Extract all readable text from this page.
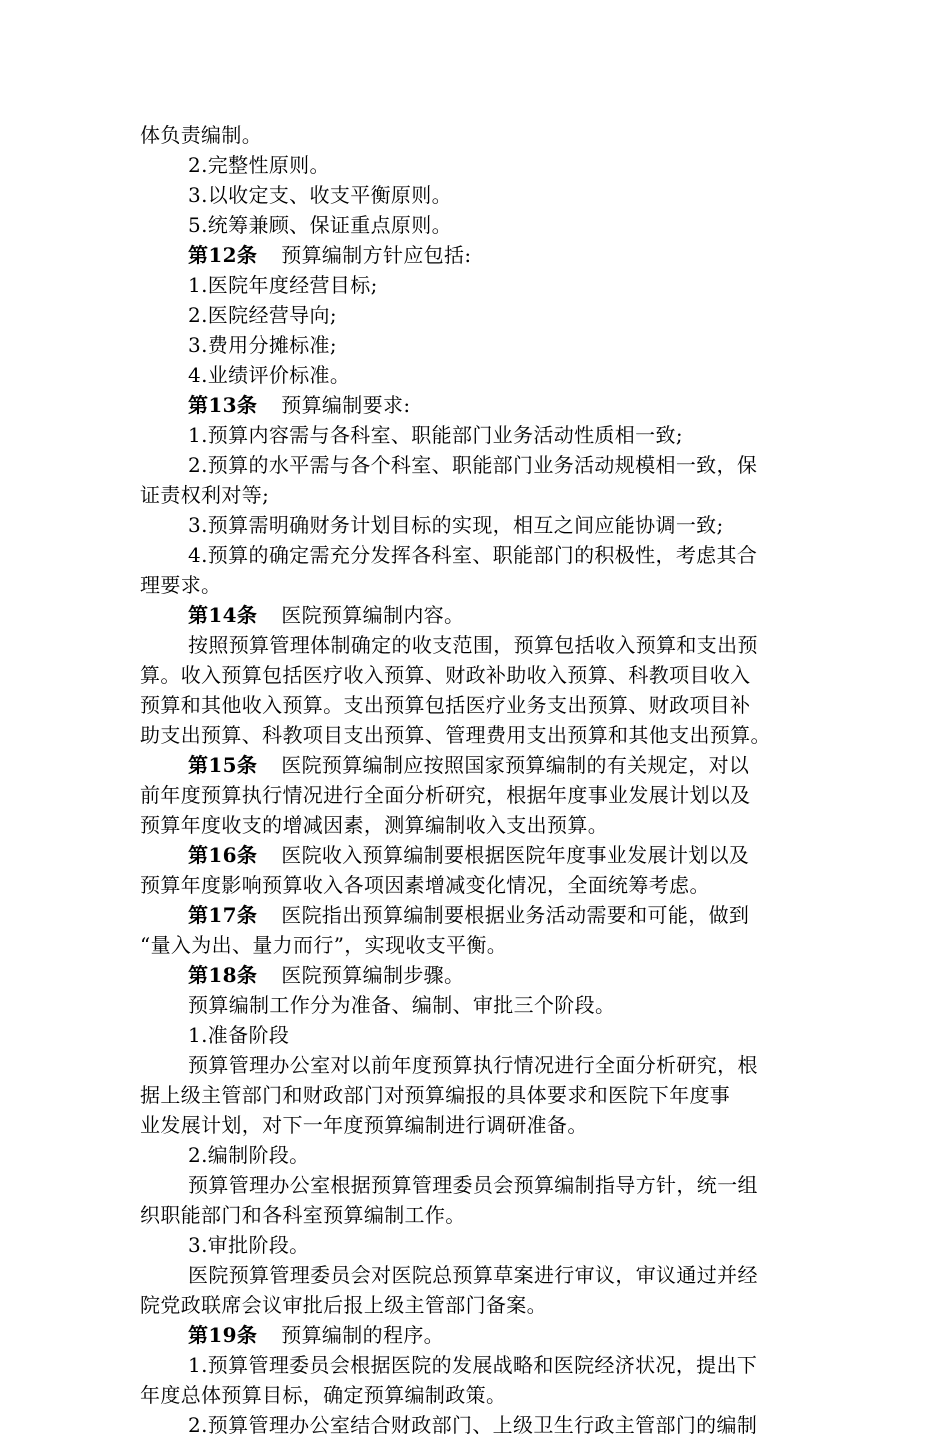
体负责编制。
2.完整性原则。
3.以收定支、收支平衡原则。
5.统筹兼顾、保证重点原则。
第12条 预算编制方针应包括:
1.医院年度经营目标;
2.医院经营导向;
3.费用分摊标准;
4.业绩评价标准。
第13条 预算编制要求:
1.预算内容需与各科室、职能部门业务活动性质相一致;
2.预算的水平需与各个科室、职能部门业务活动规模相一致，保
证责权利对等;
3.预算需明确财务计划目标的实现，相互之间应能协调一致;
4.预算的确定需充分发挥各科室、职能部门的积极性，考虑其合
理要求。
第14条 医院预算编制内容。
按照预算管理体制确定的收支范围，预算包括收入预算和支出预
算。收入预算包括医疗收入预算、财政补助收入预算、科教项目收入
预算和其他收入预算。支出预算包括医疗业务支出预算、财政项目补
助支出预算、科教项目支出预算、管理费用支出预算和其他支出预算。
第15条 医院预算编制应按照国家预算编制的有关规定，对以
前年度预算执行情况进行全面分析研究，根据年度事业发展计划以及
预算年度收支的增减因素，测算编制收入支出预算。
第16条 医院收入预算编制要根据医院年度事业发展计划以及
预算年度影响预算收入各项因素增减变化情况，全面统筹考虑。
第17条 医院指出预算编制要根据业务活动需要和可能，做到
“量入为出、量力而行”，实现收支平衡。
第18条 医院预算编制步骤。
预算编制工作分为准备、编制、审批三个阶段。
1.准备阶段
预算管理办公室对以前年度预算执行情况进行全面分析研究，根
据上级主管部门和财政部门对预算编报的具体要求和医院下年度事
业发展计划，对下一年度预算编制进行调研准备。
2.编制阶段。
预算管理办公室根据预算管理委员会预算编制指导方针，统一组
织职能部门和各科室预算编制工作。
3.审批阶段。
医院预算管理委员会对医院总预算草案进行审议，审议通过并经
院党政联席会议审批后报上级主管部门备案。
第19条 预算编制的程序。
1.预算管理委员会根据医院的发展战略和医院经济状况，提出下
年度总体预算目标，确定预算编制政策。
2.预算管理办公室结合财政部门、上级卫生行政主管部门的编制
